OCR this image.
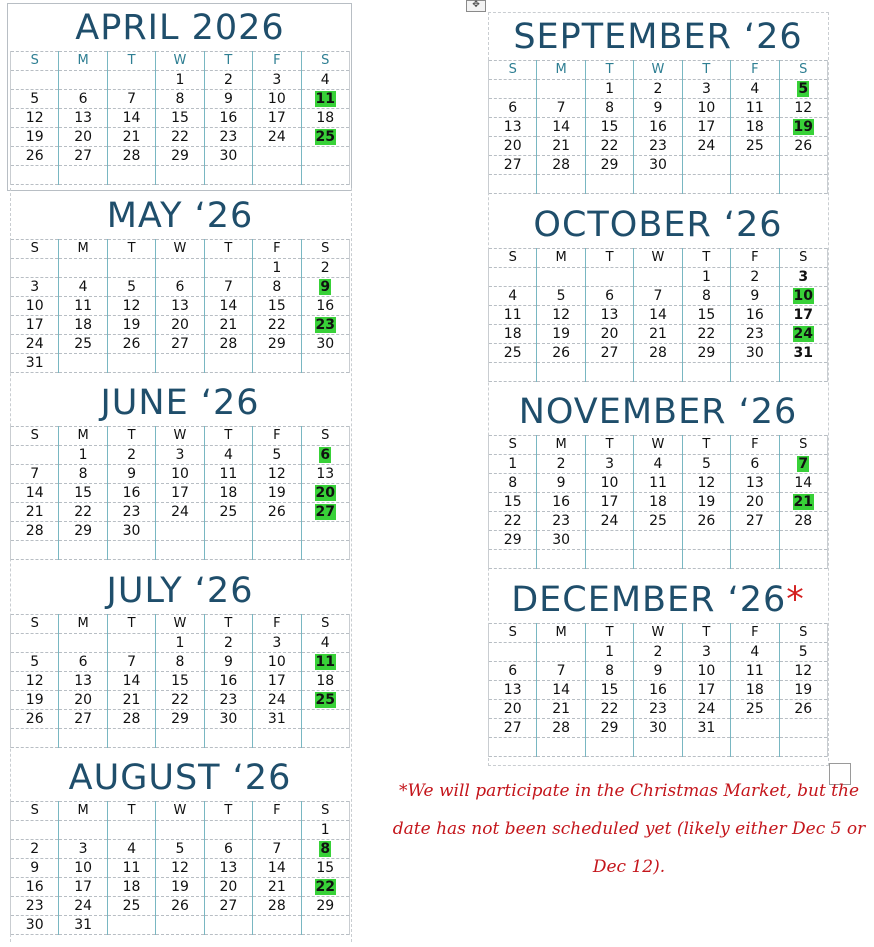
✥
APRIL 2026
S	M	T	W	T	F	S
			1	2	3	4
5	6	7	8	9	10	11
12	13	14	15	16	17	18
19	20	21	22	23	24	25
26	27	28	29	30		

MAY ‘26
S	M	T	W	T	F	S
					1	2
3	4	5	6	7	8	9
10	11	12	13	14	15	16
17	18	19	20	21	22	23
24	25	26	27	28	29	30
31						
JUNE ‘26
S	M	T	W	T	F	S
	1	2	3	4	5	6
7	8	9	10	11	12	13
14	15	16	17	18	19	20
21	22	23	24	25	26	27
28	29	30				

JULY ‘26
S	M	T	W	T	F	S
			1	2	3	4
5	6	7	8	9	10	11
12	13	14	15	16	17	18
19	20	21	22	23	24	25
26	27	28	29	30	31	

AUGUST ‘26
S	M	T	W	T	F	S
						1
2	3	4	5	6	7	8
9	10	11	12	13	14	15
16	17	18	19	20	21	22
23	24	25	26	27	28	29
30	31					
SEPTEMBER ‘26
S	M	T	W	T	F	S
		1	2	3	4	5
6	7	8	9	10	11	12
13	14	15	16	17	18	19
20	21	22	23	24	25	26
27	28	29	30			

OCTOBER ‘26
S	M	T	W	T	F	S
				1	2	3
4	5	6	7	8	9	10
11	12	13	14	15	16	17
18	19	20	21	22	23	24
25	26	27	28	29	30	31

NOVEMBER ‘26
S	M	T	W	T	F	S
1	2	3	4	5	6	7
8	9	10	11	12	13	14
15	16	17	18	19	20	21
22	23	24	25	26	27	28
29	30					

DECEMBER ‘26*
S	M	T	W	T	F	S
		1	2	3	4	5
6	7	8	9	10	11	12
13	14	15	16	17	18	19
20	21	22	23	24	25	26
27	28	29	30	31		

*We will participate in the Christmas Market, but the date has not been scheduled yet (likely either Dec 5 or Dec 12).
